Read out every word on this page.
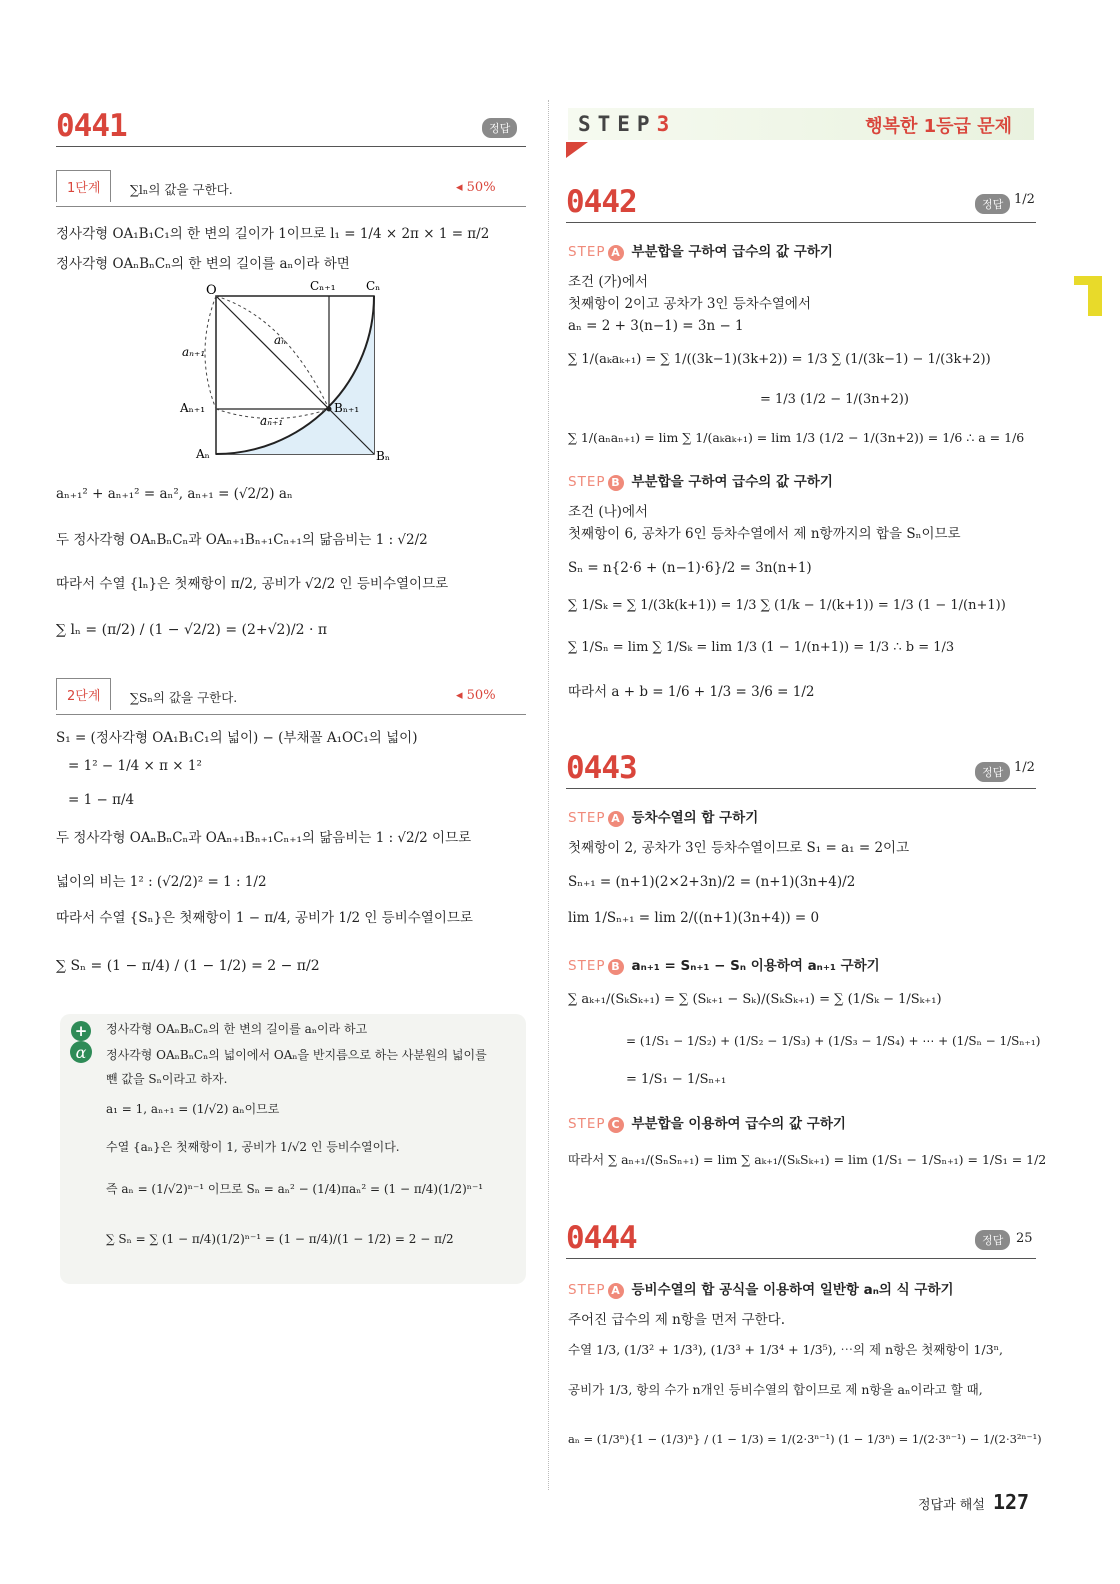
0441	정답
1단계	∑lₙ의 값을 구한다.	◂ 50%
정사각형 OA₁B₁C₁의 한 변의 길이가 1이므로 l₁ = 1/4 × 2π × 1 = π/2
정사각형 OAₙBₙCₙ의 한 변의 길이를 aₙ이라 하면
O	Cₙ₊₁	Cₙ
aₙ
aₙ₊₁
Aₙ₊₁	Bₙ₊₁
aₙ₊₁
Aₙ	Bₙ
aₙ₊₁² + aₙ₊₁² = aₙ², aₙ₊₁ = (√2/2) aₙ
두 정사각형 OAₙBₙCₙ과 OAₙ₊₁Bₙ₊₁Cₙ₊₁의 닮음비는 1 : √2/2
따라서 수열 {lₙ}은 첫째항이 π/2, 공비가 √2/2 인 등비수열이므로
∑ lₙ = (π/2) / (1 − √2/2) = (2+√2)/2 · π
2단계	∑Sₙ의 값을 구한다.	◂ 50%
S₁ = (정사각형 OA₁B₁C₁의 넓이) − (부채꼴 A₁OC₁의 넓이)
= 1² − 1/4 × π × 1²
= 1 − π/4
두 정사각형 OAₙBₙCₙ과 OAₙ₊₁Bₙ₊₁Cₙ₊₁의 닮음비는 1 : √2/2 이므로
넓이의 비는 1² : (√2/2)² = 1 : 1/2
따라서 수열 {Sₙ}은 첫째항이 1 − π/4, 공비가 1/2 인 등비수열이므로
∑ Sₙ = (1 − π/4) / (1 − 1/2) = 2 − π/2
+
α
정사각형 OAₙBₙCₙ의 한 변의 길이를 aₙ이라 하고
정사각형 OAₙBₙCₙ의 넓이에서 OAₙ을 반지름으로 하는 사분원의 넓이를
뺀 값을 Sₙ이라고 하자.
a₁ = 1, aₙ₊₁ = (1/√2) aₙ이므로
수열 {aₙ}은 첫째항이 1, 공비가 1/√2 인 등비수열이다.
즉 aₙ = (1/√2)ⁿ⁻¹ 이므로 Sₙ = aₙ² − (1/4)πaₙ² = (1 − π/4)(1/2)ⁿ⁻¹
∑ Sₙ = ∑ (1 − π/4)(1/2)ⁿ⁻¹ = (1 − π/4)/(1 − 1/2) = 2 − π/2
STEP3	행복한 1등급 문제
0442	정답 1/2
STEP A 부분합을 구하여 급수의 값 구하기
조건 (가)에서
첫째항이 2이고 공차가 3인 등차수열에서
aₙ = 2 + 3(n−1) = 3n − 1
∑ 1/(aₖaₖ₊₁) = ∑ 1/((3k−1)(3k+2)) = 1/3 ∑ (1/(3k−1) − 1/(3k+2))
= 1/3 (1/2 − 1/(3n+2))
∑ 1/(aₙaₙ₊₁) = lim ∑ 1/(aₖaₖ₊₁) = lim 1/3 (1/2 − 1/(3n+2)) = 1/6 ∴ a = 1/6
STEP B 부분합을 구하여 급수의 값 구하기
조건 (나)에서
첫째항이 6, 공차가 6인 등차수열에서 제 n항까지의 합을 Sₙ이므로
Sₙ = n{2·6 + (n−1)·6}/2 = 3n(n+1)
∑ 1/Sₖ = ∑ 1/(3k(k+1)) = 1/3 ∑ (1/k − 1/(k+1)) = 1/3 (1 − 1/(n+1))
∑ 1/Sₙ = lim ∑ 1/Sₖ = lim 1/3 (1 − 1/(n+1)) = 1/3 ∴ b = 1/3
따라서 a + b = 1/6 + 1/3 = 3/6 = 1/2
0443	정답 1/2
STEP A 등차수열의 합 구하기
첫째항이 2, 공차가 3인 등차수열이므로 S₁ = a₁ = 2이고
Sₙ₊₁ = (n+1)(2×2+3n)/2 = (n+1)(3n+4)/2
lim 1/Sₙ₊₁ = lim 2/((n+1)(3n+4)) = 0
STEP B aₙ₊₁ = Sₙ₊₁ − Sₙ 이용하여 aₙ₊₁ 구하기
∑ aₖ₊₁/(SₖSₖ₊₁) = ∑ (Sₖ₊₁ − Sₖ)/(SₖSₖ₊₁) = ∑ (1/Sₖ − 1/Sₖ₊₁)
= (1/S₁ − 1/S₂) + (1/S₂ − 1/S₃) + (1/S₃ − 1/S₄) + ⋯ + (1/Sₙ − 1/Sₙ₊₁)
= 1/S₁ − 1/Sₙ₊₁
STEP C 부분합을 이용하여 급수의 값 구하기
따라서 ∑ aₙ₊₁/(SₙSₙ₊₁) = lim ∑ aₖ₊₁/(SₖSₖ₊₁) = lim (1/S₁ − 1/Sₙ₊₁) = 1/S₁ = 1/2
0444	정답 25
STEP A 등비수열의 합 공식을 이용하여 일반항 aₙ의 식 구하기
주어진 급수의 제 n항을 먼저 구한다.
수열 1/3, (1/3² + 1/3³), (1/3³ + 1/3⁴ + 1/3⁵), ⋯의 제 n항은 첫째항이 1/3ⁿ,
공비가 1/3, 항의 수가 n개인 등비수열의 합이므로 제 n항을 aₙ이라고 할 때,
aₙ = (1/3ⁿ){1 − (1/3)ⁿ} / (1 − 1/3) = 1/(2·3ⁿ⁻¹) (1 − 1/3ⁿ) = 1/(2·3ⁿ⁻¹) − 1/(2·3²ⁿ⁻¹)
정답과 해설 127
